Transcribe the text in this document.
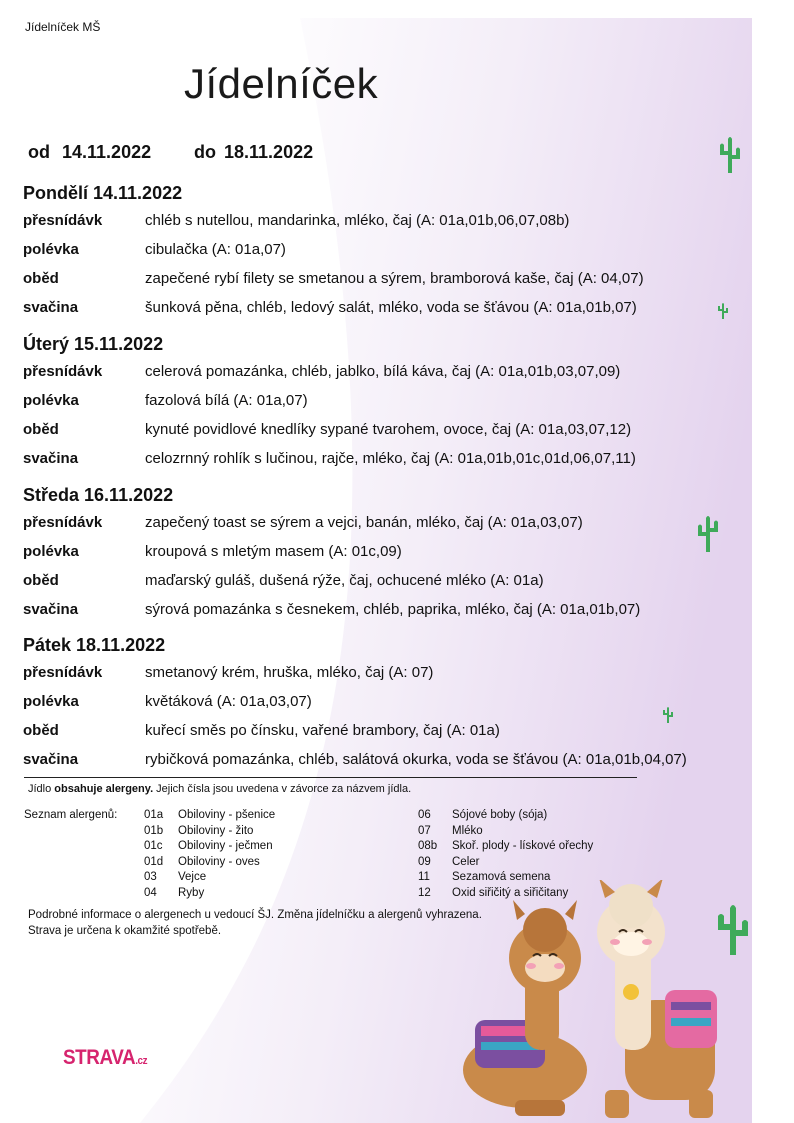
Jídelníček MŠ
Jídelníček
od 14.11.2022 do 18.11.2022
Pondělí 14.11.2022
přesnídávk	chléb s nutellou, mandarinka, mléko, čaj (A: 01a,01b,06,07,08b)
polévka	cibulačka (A: 01a,07)
oběd	zapečené rybí filety se smetanou a sýrem, bramborová kaše, čaj (A: 04,07)
svačina	šunková pěna, chléb, ledový salát, mléko, voda se šťávou (A: 01a,01b,07)
Úterý 15.11.2022
přesnídávk	celerová pomazánka, chléb, jablko, bílá káva, čaj (A: 01a,01b,03,07,09)
polévka	fazolová bílá (A: 01a,07)
oběd	kynuté povidlové knedlíky sypané tvarohem, ovoce, čaj (A: 01a,03,07,12)
svačina	celozrnný rohlík s lučinou, rajče, mléko, čaj (A: 01a,01b,01c,01d,06,07,11)
Středa 16.11.2022
přesnídávk	zapečený toast se sýrem a vejci, banán, mléko, čaj (A: 01a,03,07)
polévka	kroupová s mletým masem (A: 01c,09)
oběd	maďarský guláš, dušená rýže, čaj, ochucené mléko (A: 01a)
svačina	sýrová pomazánka s česnekem, chléb, paprika, mléko, čaj (A: 01a,01b,07)
Pátek 18.11.2022
přesnídávk	smetanový krém, hruška, mléko, čaj (A: 07)
polévka	květáková (A: 01a,03,07)
oběd	kuřecí směs po čínsku, vařené brambory, čaj (A: 01a)
svačina	rybičková pomazánka, chléb, salátová okurka, voda se šťávou (A: 01a,01b,04,07)
Jídlo obsahuje alergeny. Jejich čísla jsou uvedena v závorce za názvem jídla.
Seznam alergenů: 01a Obiloviny - pšenice
01b Obiloviny - žito
01c Obiloviny - ječmen
01d Obiloviny - oves
03 Vejce
04 Ryby
06 Sójové boby (sója)
07 Mléko
08b Skoř. plody - lískové ořechy
09 Celer
11 Sezamová semena
12 Oxid siřičitý a siřičitany
Podrobné informace o alergenech u vedoucí ŠJ. Změna jídelníčku a alergenů vyhrazena.
Strava je určena k okamžité spotřebě.
STRAVA.cz
